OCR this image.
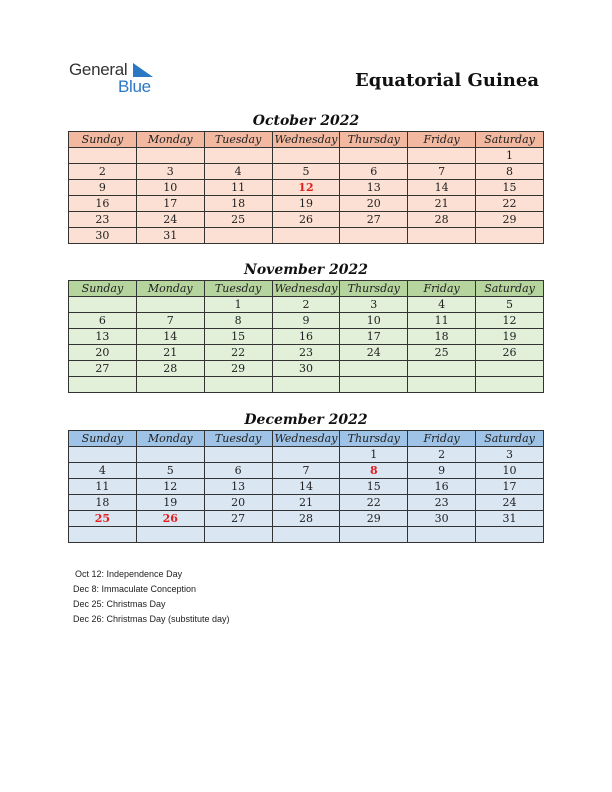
General
Blue	Equatorial Guinea
October 2022
Sunday	Monday	Tuesday	Wednesday	Thursday	Friday	Saturday
						1
2	3	4	5	6	7	8
9	10	11	12	13	14	15
16	17	18	19	20	21	22
23	24	25	26	27	28	29
30	31					
November 2022
Sunday	Monday	Tuesday	Wednesday	Thursday	Friday	Saturday
		1	2	3	4	5
6	7	8	9	10	11	12
13	14	15	16	17	18	19
20	21	22	23	24	25	26
27	28	29	30			

December 2022
Sunday	Monday	Tuesday	Wednesday	Thursday	Friday	Saturday
				1	2	3
4	5	6	7	8	9	10
11	12	13	14	15	16	17
18	19	20	21	22	23	24
25	26	27	28	29	30	31

Oct 12: Independence Day
Dec 8: Immaculate Conception
Dec 25: Christmas Day
Dec 26: Christmas Day (substitute day)
